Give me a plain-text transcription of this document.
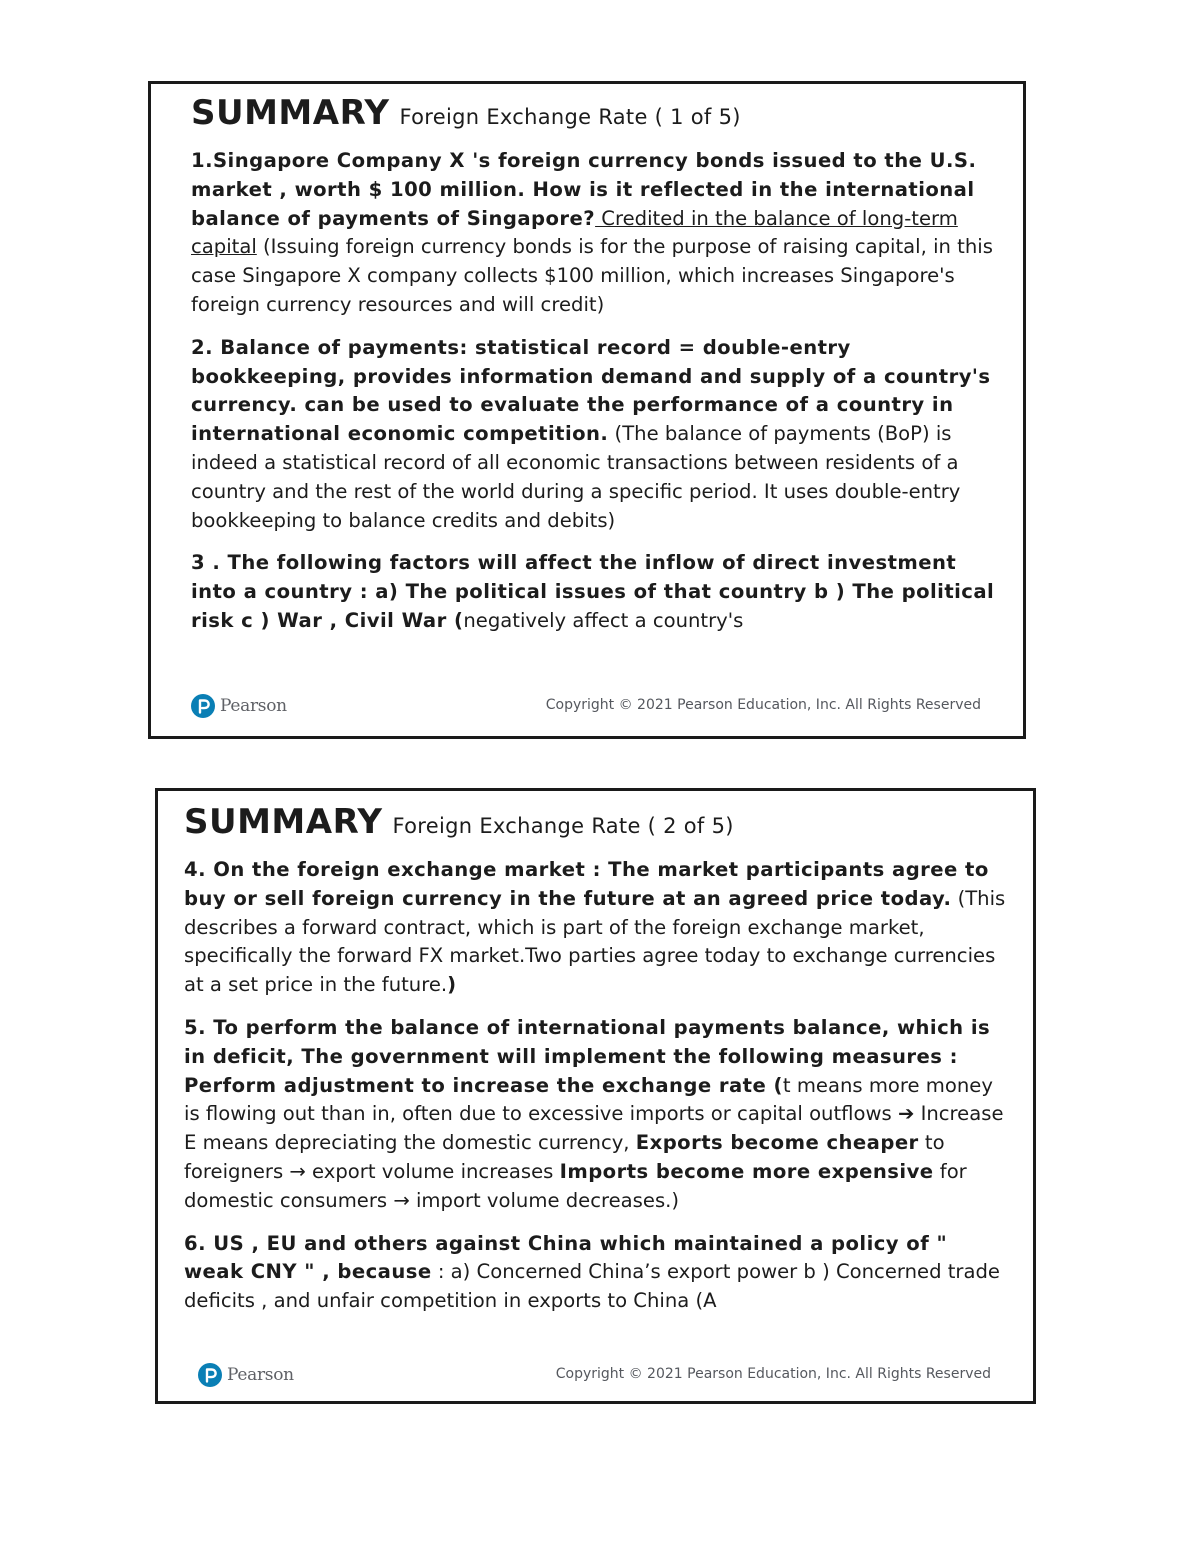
SUMMARY Foreign Exchange Rate ( 1 of 5)
1.Singapore Company X 's foreign currency bonds issued to the U.S. market , worth $ 100 million. How is it reflected in the international balance of payments of Singapore? Credited in the balance of long-term capital (Issuing foreign currency bonds is for the purpose of raising capital, in this case Singapore X company collects $100 million, which increases Singapore's foreign currency resources and will credit)
2. Balance of payments: statistical record = double-entry bookkeeping, provides information demand and supply of a country's currency. can be used to evaluate the performance of a country in international economic competition. (The balance of payments (BoP) is indeed a statistical record of all economic transactions between residents of a country and the rest of the world during a specific period. It uses double-entry bookkeeping to balance credits and debits)
3 . The following factors will affect the inflow of direct investment into a country : a) The political issues of that country b ) The political risk c ) War , Civil War (negatively affect a country's
Pearson	Copyright © 2021 Pearson Education, Inc. All Rights Reserved
SUMMARY Foreign Exchange Rate ( 2 of 5)
4. On the foreign exchange market : The market participants agree to buy or sell foreign currency in the future at an agreed price today. (This describes a forward contract, which is part of the foreign exchange market, specifically the forward FX market.Two parties agree today to exchange currencies at a set price in the future.)
5. To perform the balance of international payments balance, which is in deficit, The government will implement the following measures : Perform adjustment to increase the exchange rate (t means more money is flowing out than in, often due to excessive imports or capital outflows ➔ Increase E means depreciating the domestic currency, Exports become cheaper to foreigners → export volume increases Imports become more expensive for domestic consumers → import volume decreases.)
6. US , EU and others against China which maintained a policy of " weak CNY " , because : a) Concerned China’s export power b ) Concerned trade deficits , and unfair competition in exports to China (A
Pearson	Copyright © 2021 Pearson Education, Inc. All Rights Reserved
